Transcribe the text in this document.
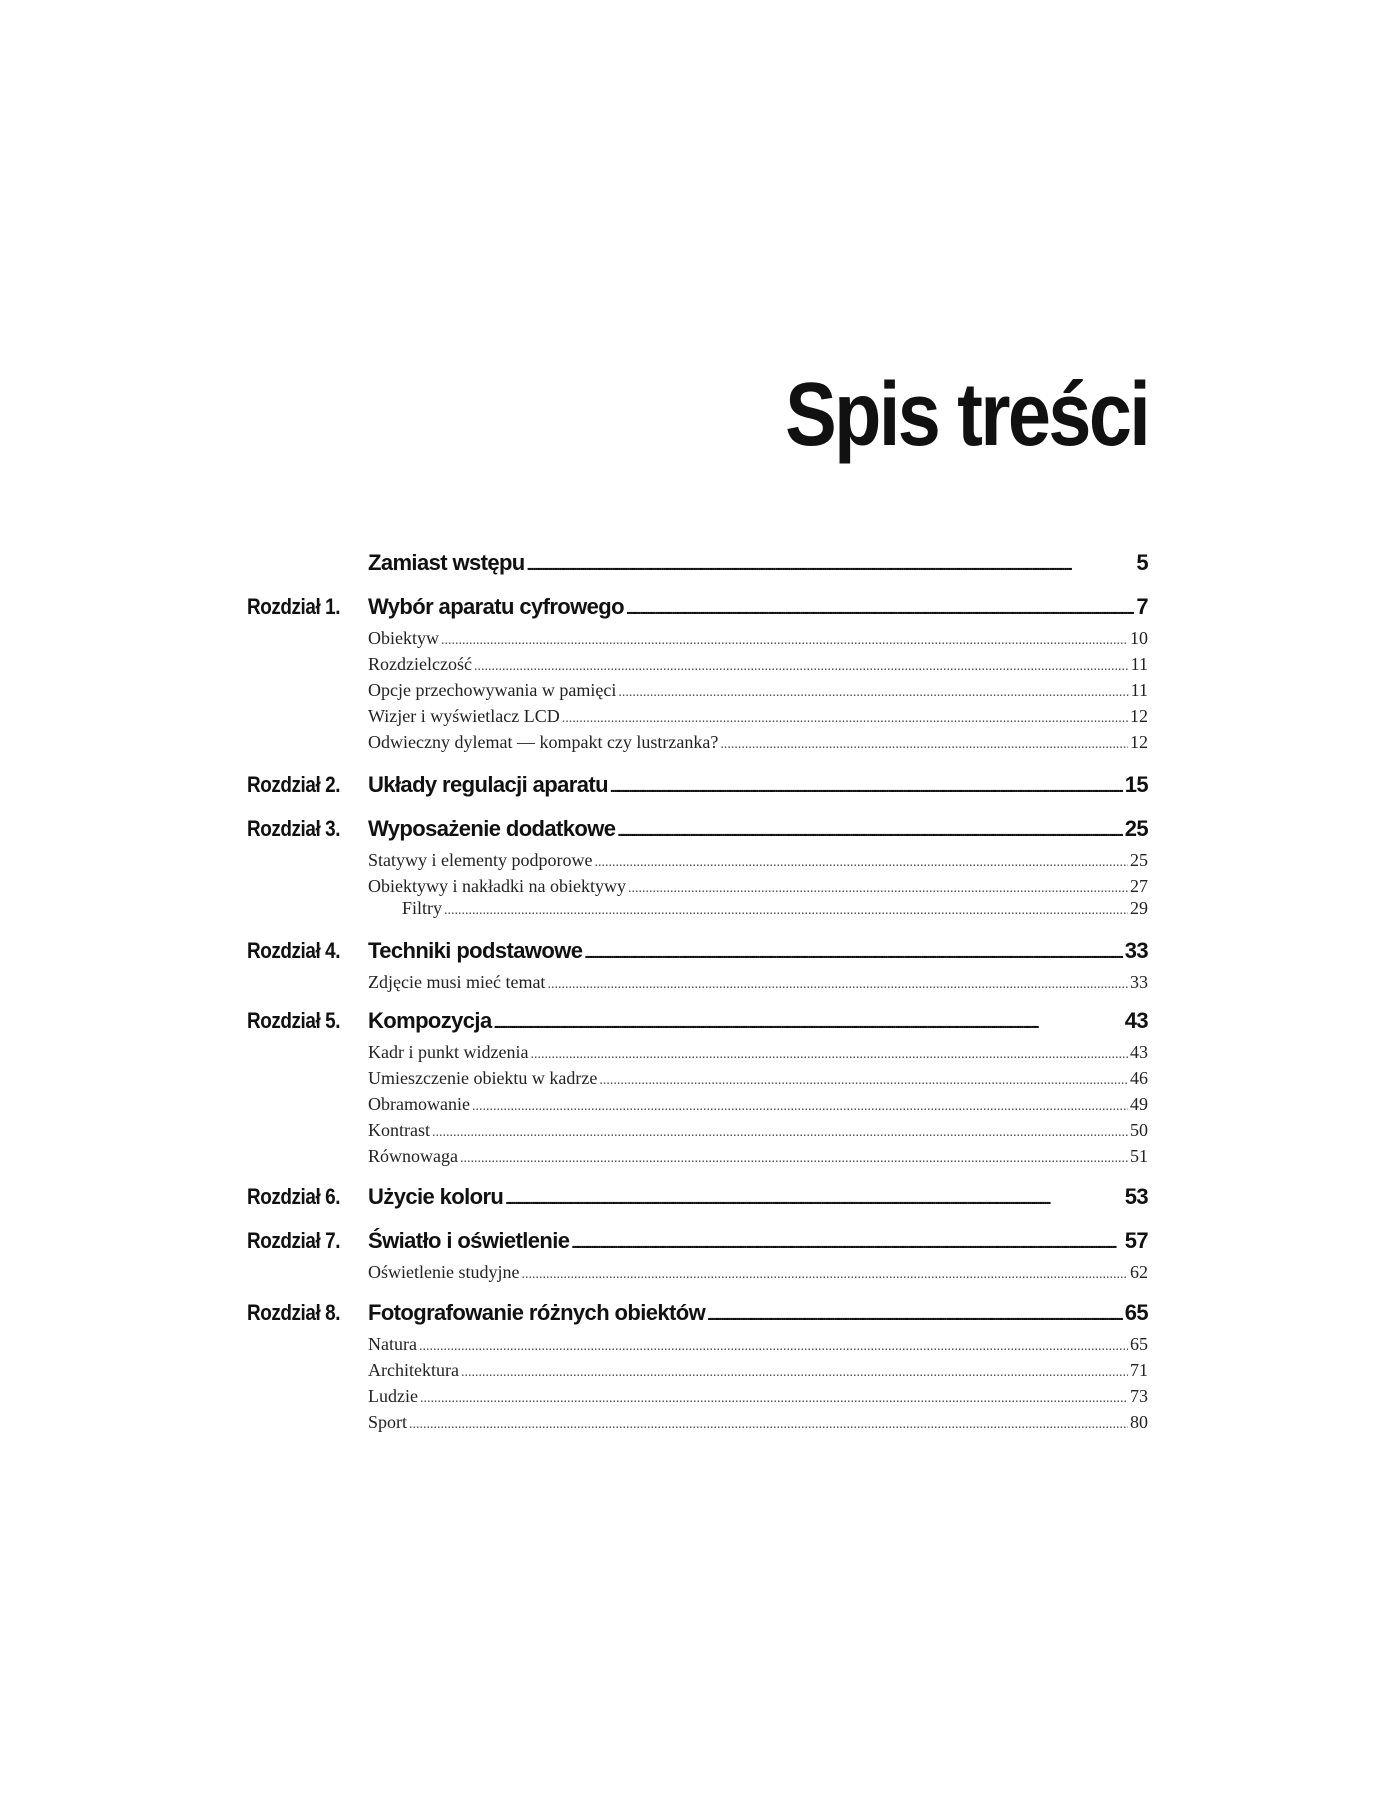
Spis treści
Zamiast wstępu .....	5
Rozdział 1. Wybór aparatu cyfrowego .....	7
Obiektyw .....	10
Rozdzielczość .....	11
Opcje przechowywania w pamięci .....	11
Wizjer i wyświetlacz LCD .....	12
Odwieczny dylemat — kompakt czy lustrzanka? .....	12
Rozdział 2. Układy regulacji aparatu .....	15
Rozdział 3. Wyposażenie dodatkowe .....	25
Statywy i elementy podporowe .....	25
Obiektywy i nakładki na obiektywy .....	27
Filtry .....	29
Rozdział 4. Techniki podstawowe .....	33
Zdjęcie musi mieć temat .....	33
Rozdział 5. Kompozycja .....	43
Kadr i punkt widzenia .....	43
Umieszczenie obiektu w kadrze .....	46
Obramowanie .....	49
Kontrast .....	50
Równowaga .....	51
Rozdział 6. Użycie koloru .....	53
Rozdział 7. Światło i oświetlenie .....	57
Oświetlenie studyjne .....	62
Rozdział 8. Fotografowanie różnych obiektów .....	65
Natura .....	65
Architektura .....	71
Ludzie .....	73
Sport .....	80
